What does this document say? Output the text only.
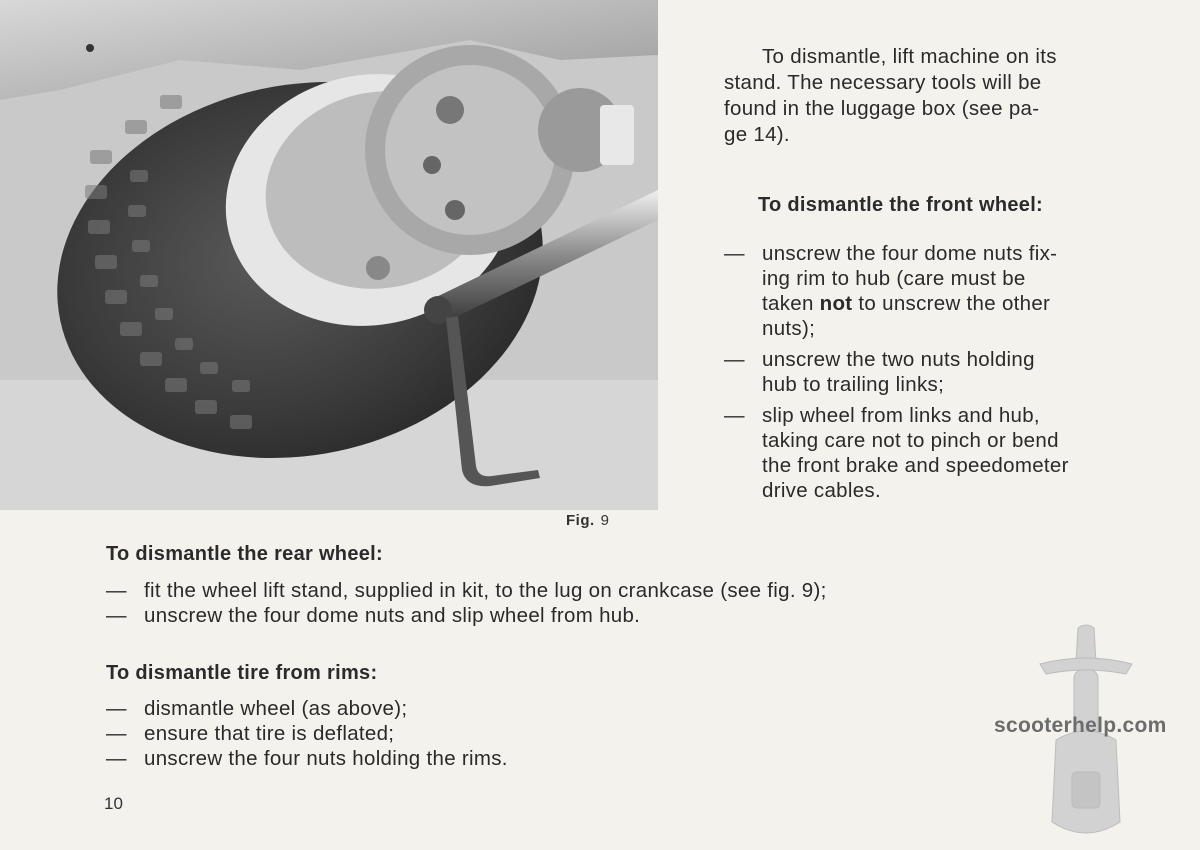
Fig. 9
To dismantle, lift machine on its
stand. The necessary tools will be
found in the luggage box (see pa-
ge 14).
To dismantle the front wheel:
— unscrew the four dome nuts fix-
ing rim to hub (care must be
taken not to unscrew the other
nuts);
— unscrew the two nuts holding
hub to trailing links;
— slip wheel from links and hub,
taking care not to pinch or bend
the front brake and speedometer
drive cables.
To dismantle the rear wheel:
— fit the wheel lift stand, supplied in kit, to the lug on crankcase (see fig. 9);
— unscrew the four dome nuts and slip wheel from hub.
To dismantle tire from rims:
— dismantle wheel (as above);
— ensure that tire is deflated;
— unscrew the four nuts holding the rims.
10
scooterhelp.com
